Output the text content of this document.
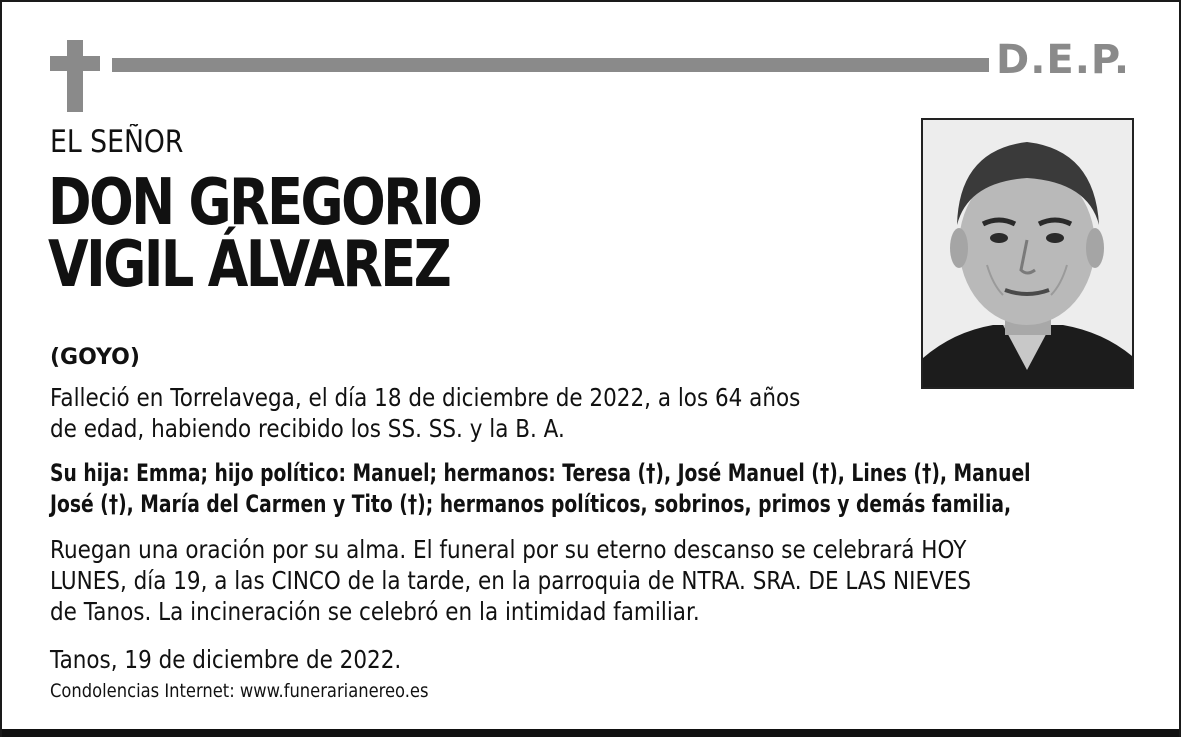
D.E.P.
EL SEÑOR
DON GREGORIO
VIGIL ÁLVAREZ
(GOYO)
Falleció en Torrelavega, el día 18 de diciembre de 2022, a los 64 años
de edad, habiendo recibido los SS. SS. y la B. A.
Su hija: Emma; hijo político: Manuel; hermanos: Teresa (†), José Manuel (†), Lines (†), Manuel
José (†), María del Carmen y Tito (†); hermanos políticos, sobrinos, primos y demás familia,
Ruegan una oración por su alma. El funeral por su eterno descanso se celebrará HOY
LUNES, día 19, a las CINCO de la tarde, en la parroquia de NTRA. SRA. DE LAS NIEVES
de Tanos. La incineración se celebró en la intimidad familiar.
Tanos, 19 de diciembre de 2022.
Condolencias Internet: www.funerarianereo.es
